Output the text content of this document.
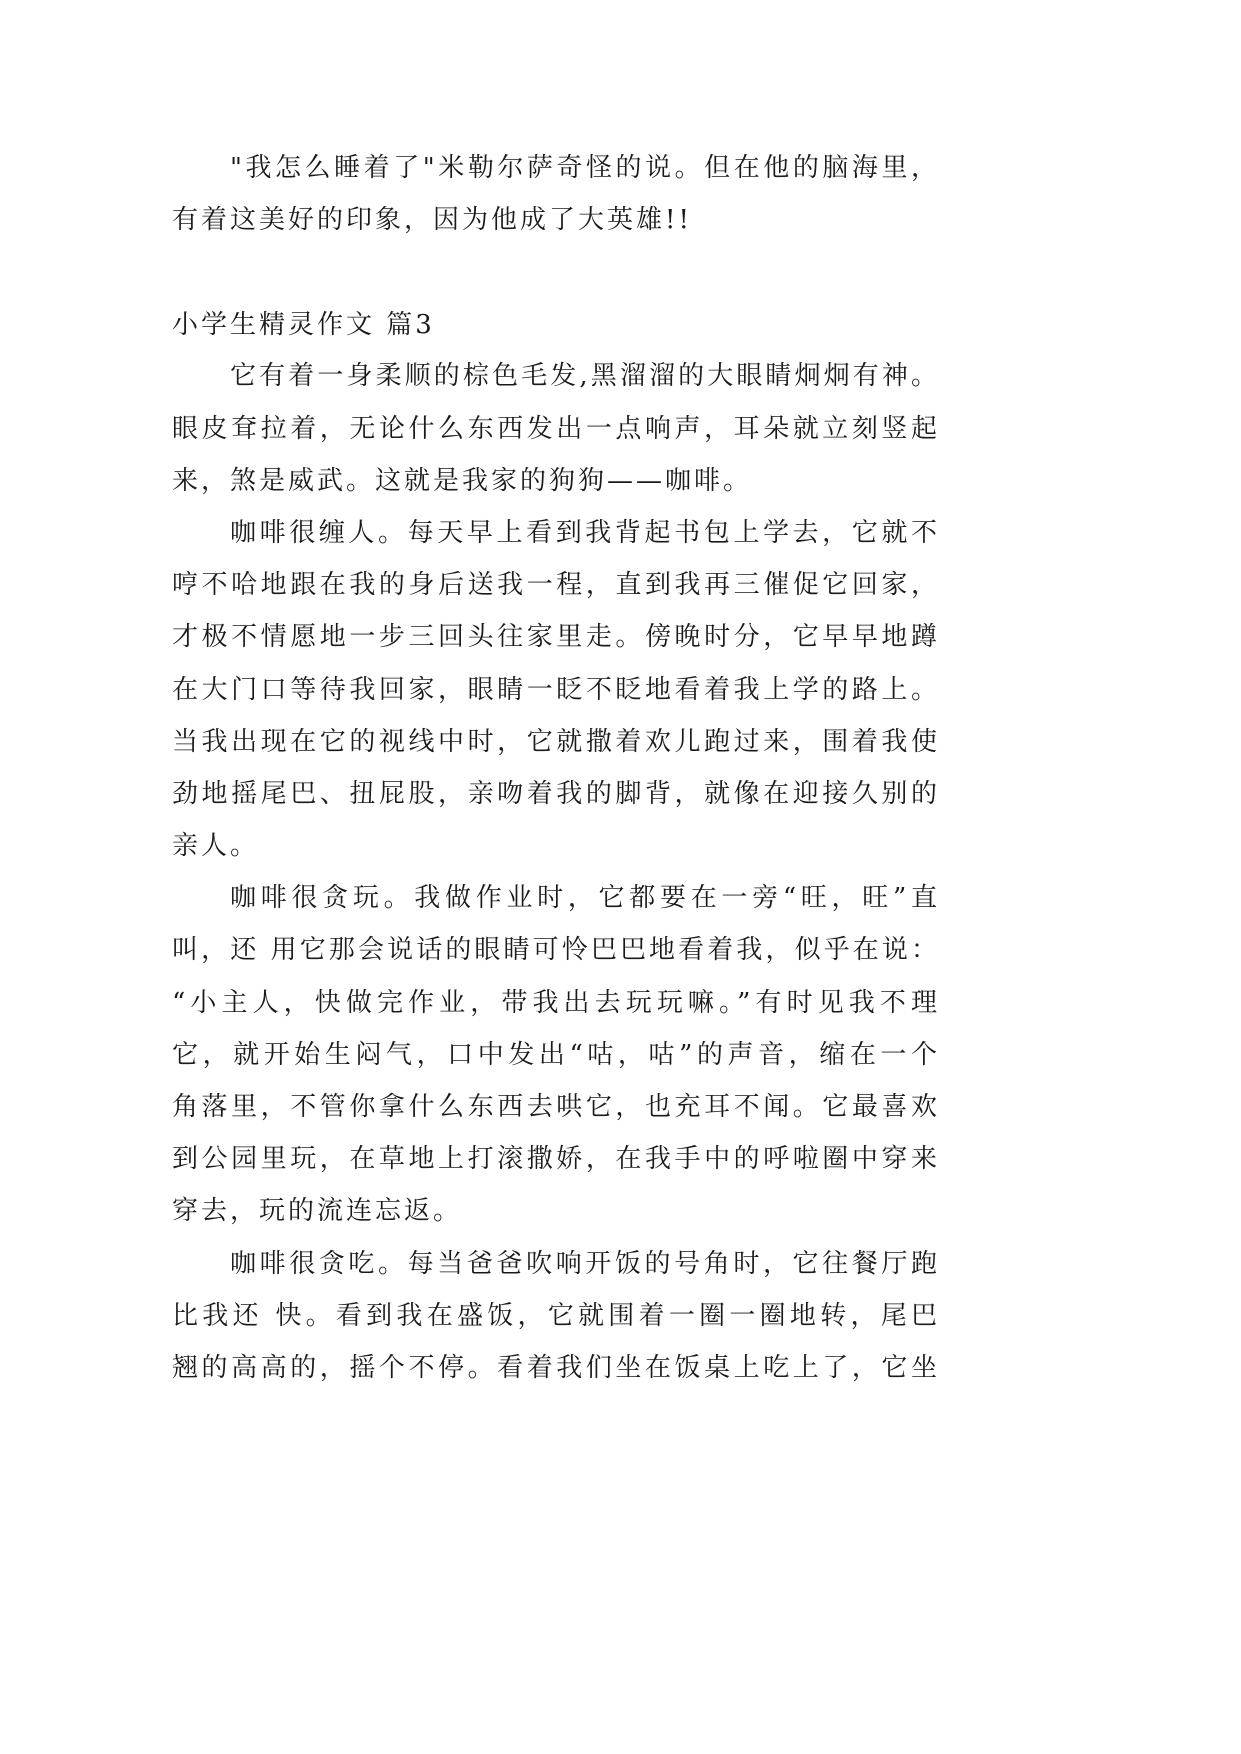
"我怎么睡着了"米勒尔萨奇怪的说。但在他的脑海里，
有着这美好的印象，因为他成了大英雄!!
小学生精灵作文 篇3
它有着一身柔顺的棕色毛发,黑溜溜的大眼睛炯炯有神。
眼皮耷拉着，无论什么东西发出一点响声，耳朵就立刻竖起
来，煞是威武。这就是我家的狗狗——咖啡。
咖啡很缠人。每天早上看到我背起书包上学去，它就不
哼不哈地跟在我的身后送我一程，直到我再三催促它回家，
才极不情愿地一步三回头往家里走。傍晚时分，它早早地蹲
在大门口等待我回家，眼睛一眨不眨地看着我上学的路上。
当我出现在它的视线中时，它就撒着欢儿跑过来，围着我使
劲地摇尾巴、扭屁股，亲吻着我的脚背，就像在迎接久别的
亲人。
咖啡很贪玩。我做作业时，它都要在一旁“旺，旺”直
叫，还 用它那会说话的眼睛可怜巴巴地看着我，似乎在说：
“小主人，快做完作业，带我出去玩玩嘛。”有时见我不理
它，就开始生闷气，口中发出“咕，咕”的声音，缩在一个
角落里，不管你拿什么东西去哄它，也充耳不闻。它最喜欢
到公园里玩，在草地上打滚撒娇，在我手中的呼啦圈中穿来
穿去，玩的流连忘返。
咖啡很贪吃。每当爸爸吹响开饭的号角时，它往餐厅跑
比我还 快。看到我在盛饭，它就围着一圈一圈地转，尾巴
翘的高高的，摇个不停。看着我们坐在饭桌上吃上了，它坐
